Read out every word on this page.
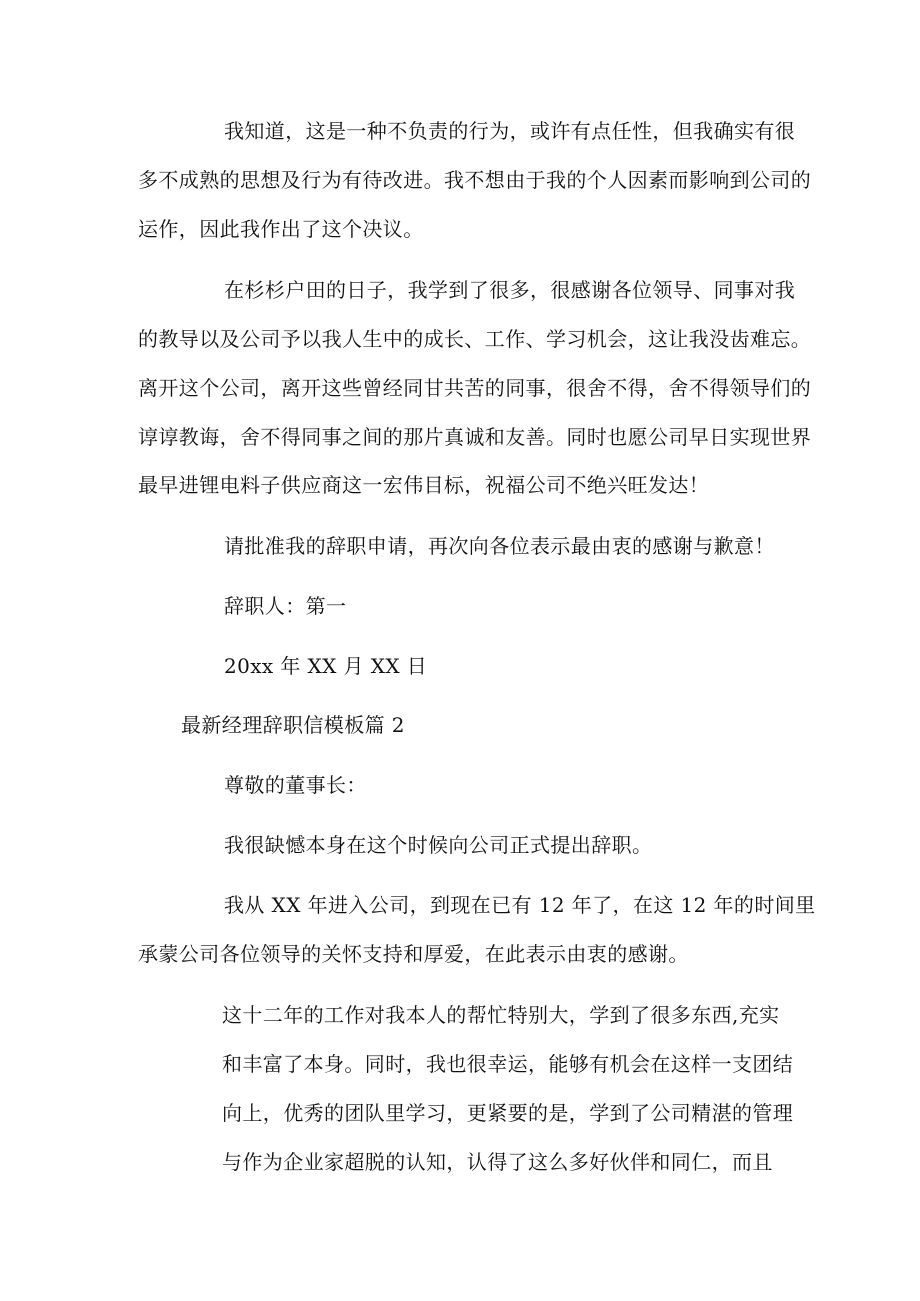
我知道，这是一种不负责的行为，或许有点任性，但我确实有很
多不成熟的思想及行为有待改进。我不想由于我的个人因素而影响到公司的
运作，因此我作出了这个决议。
在杉杉户田的日子，我学到了很多，很感谢各位领导、同事对我
的教导以及公司予以我人生中的成长、工作、学习机会，这让我没齿难忘。
离开这个公司，离开这些曾经同甘共苦的同事，很舍不得，舍不得领导们的
谆谆教诲，舍不得同事之间的那片真诚和友善。同时也愿公司早日实现世界
最早进锂电料子供应商这一宏伟目标，祝福公司不绝兴旺发达！
请批准我的辞职申请，再次向各位表示最由衷的感谢与歉意！
辞职人：第一
20xx 年 XX 月 XX 日
最新经理辞职信模板篇 2
尊敬的董事长：
我很缺憾本身在这个时候向公司正式提出辞职。
我从 XX 年进入公司，到现在已有 12 年了，在这 12 年的时间里
承蒙公司各位领导的关怀支持和厚爱，在此表示由衷的感谢。
这十二年的工作对我本人的帮忙特别大，学到了很多东西,充实
和丰富了本身。同时，我也很幸运，能够有机会在这样一支团结
向上，优秀的团队里学习，更紧要的是，学到了公司精湛的管理
与作为企业家超脱的认知，认得了这么多好伙伴和同仁，而且
